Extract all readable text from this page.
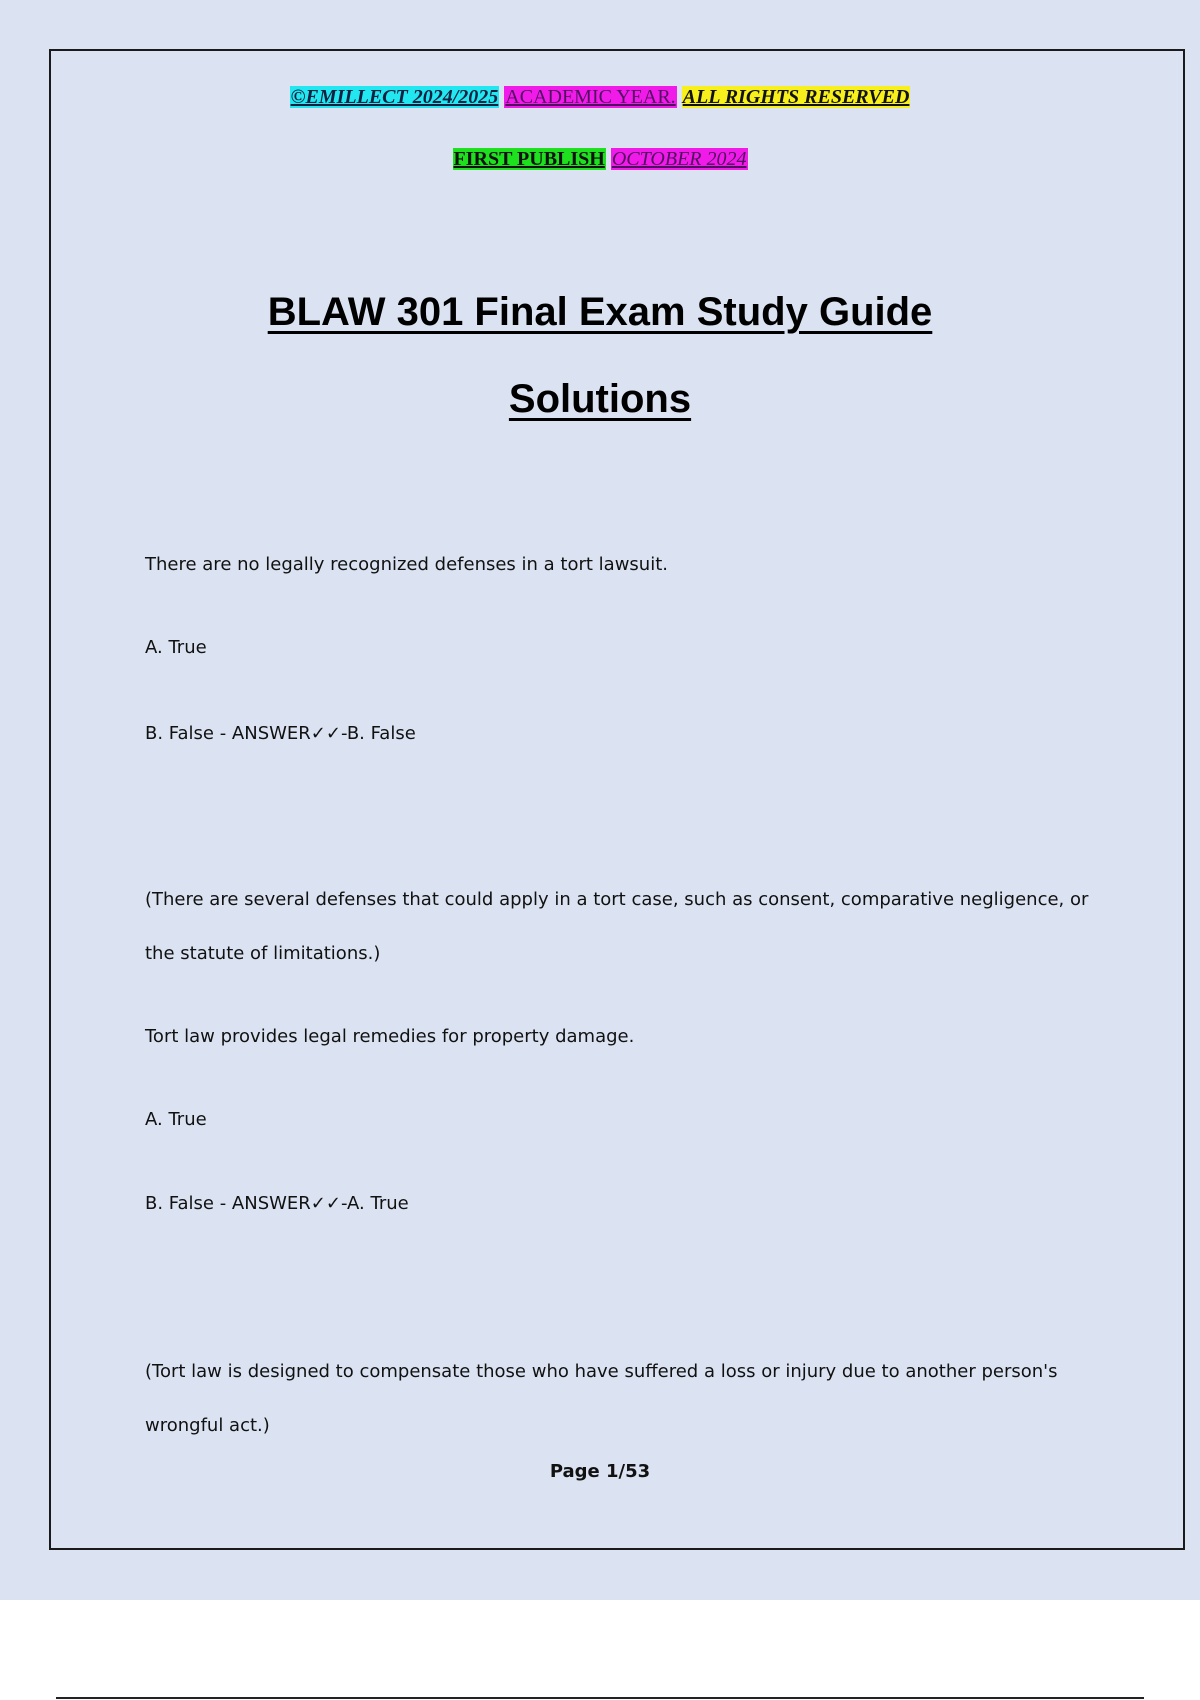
©EMILLECT 2024/2025 ACADEMIC YEAR. ALL RIGHTS RESERVED
FIRST PUBLISH OCTOBER 2024
BLAW 301 Final Exam Study Guide
Solutions
There are no legally recognized defenses in a tort lawsuit.
A. True
B. False - ANSWER✓✓-B. False
(There are several defenses that could apply in a tort case, such as consent, comparative negligence, or
the statute of limitations.)
Tort law provides legal remedies for property damage.
A. True
B. False - ANSWER✓✓-A. True
(Tort law is designed to compensate those who have suffered a loss or injury due to another person's
wrongful act.)
Page 1/53
